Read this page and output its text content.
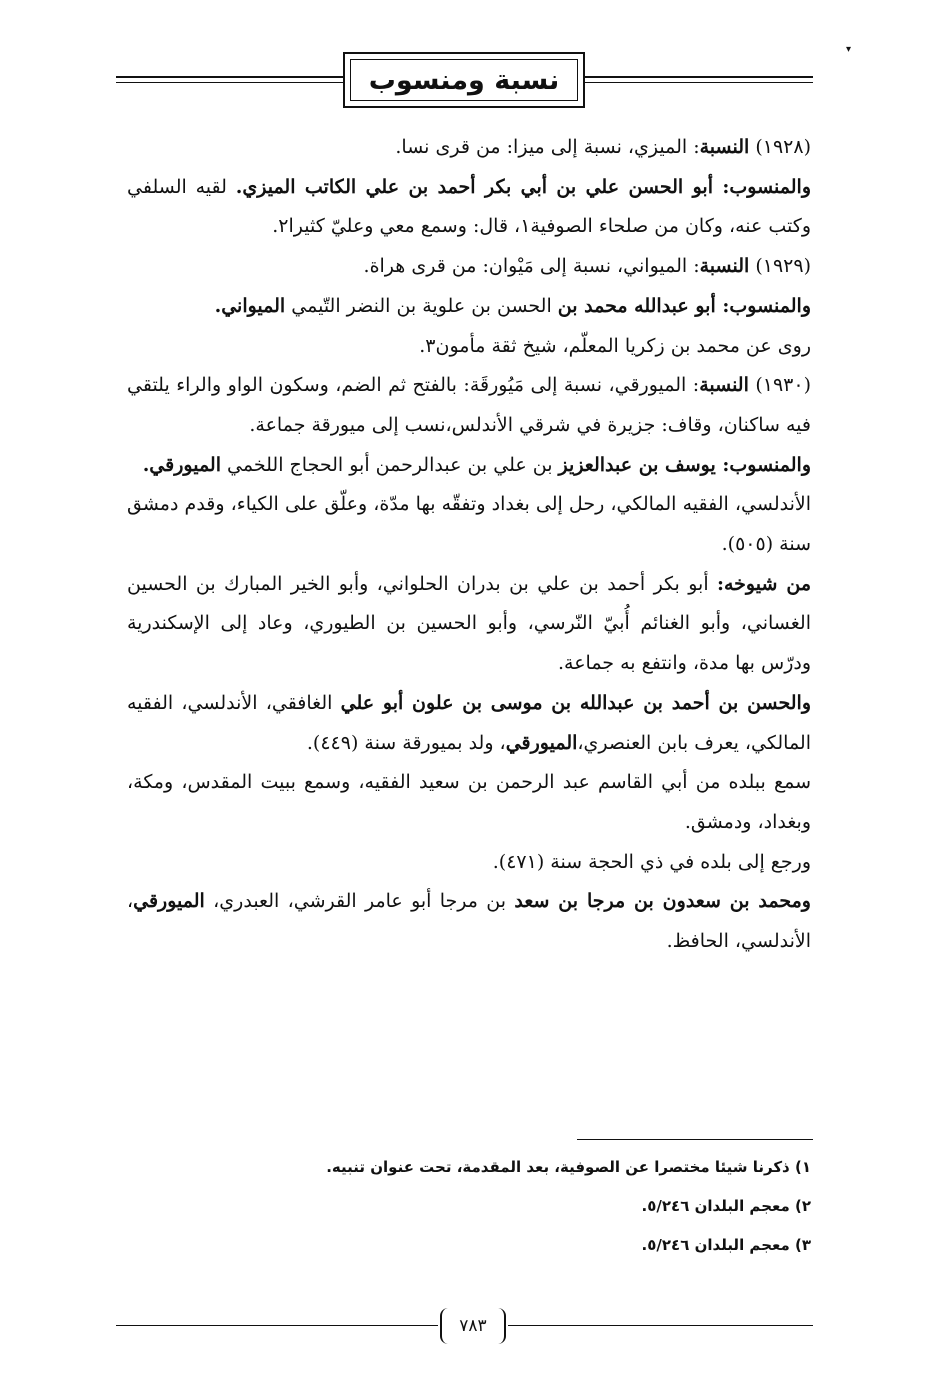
نسبة ومنسوب
▾

(١٩٢٨) النسبة: الميزي، نسبة إلى ميزا: من قرى نسا.

والمنسوب: أبو الحسن علي بن أبي بكر أحمد بن علي الكاتب الميزي. لقيه السلفي وكتب عنه، وكان من صلحاء الصوفية١، قال: وسمع معي وعليّ كثيرا٢.

(١٩٢٩) النسبة: الميواني، نسبة إلى مَيْوان: من قرى هراة.

والمنسوب: أبو عبدالله محمد بن الحسن بن علوية بن النضر التّيمي الميواني.

روى عن محمد بن زكريا المعلّم، شيخ ثقة مأمون٣.

(١٩٣٠) النسبة: الميورقي، نسبة إلى مَيُورقَة: بالفتح ثم الضم، وسكون الواو والراء يلتقي فيه ساكنان، وقاف: جزيرة في شرقي الأندلس،نسب إلى ميورقة جماعة.

والمنسوب: يوسف بن عبدالعزيز بن علي بن عبدالرحمن أبو الحجاج اللخمي الميورقي.

الأندلسي، الفقيه المالكي، رحل إلى بغداد وتفقّه بها مدّة، وعلّق على الكياء، وقدم دمشق سنة (٥٠٥).

من شيوخه: أبو بكر أحمد بن علي بن بدران الحلواني، وأبو الخير المبارك بن الحسين الغساني، وأبو الغنائم أُبيّ النّرسي، وأبو الحسين بن الطيوري، وعاد إلى الإسكندرية ودرّس بها مدة، وانتفع به جماعة.

والحسن بن أحمد بن عبدالله بن موسى بن علون أبو علي الغافقي، الأندلسي، الفقيه المالكي، يعرف بابن العنصري،الميورقي، ولد بميورقة سنة (٤٤٩).

سمع ببلده من أبي القاسم عبد الرحمن بن سعيد الفقيه، وسمع ببيت المقدس، ومكة، وبغداد، ودمشق.

ورجع إلى بلده في ذي الحجة سنة (٤٧١).

ومحمد بن سعدون بن مرجا بن سعد بن مرجا أبو عامر القرشي، العبدري، الميورقي، الأندلسي، الحافظ.

١) ذكرنا شيئا مختصرا عن الصوفية، بعد المقدمة، تحت عنوان تنبيه.

٢) معجم البلدان ٥/٢٤٦.

٣) معجم البلدان ٥/٢٤٦.

٧٨٣
